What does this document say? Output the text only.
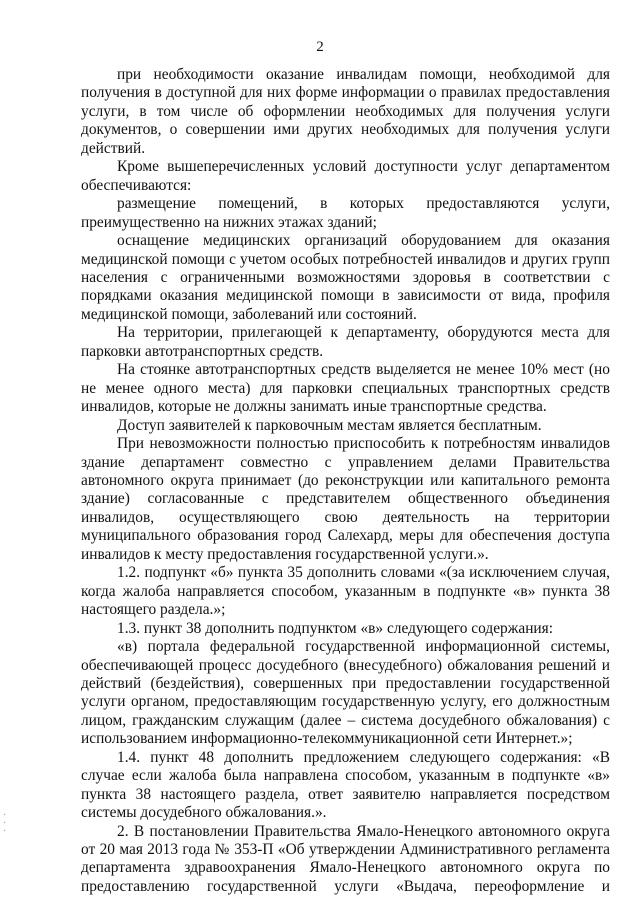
2

при необходимости оказание инвалидам помощи, необходимой для получения в доступной для них форме информации о правилах предоставления услуги, в том числе об оформлении необходимых для получения услуги документов, о совершении ими других необходимых для получения услуги действий.

Кроме вышеперечисленных условий доступности услуг департаментом обеспечиваются:

размещение помещений, в которых предоставляются услуги, преимущественно на нижних этажах зданий;

оснащение медицинских организаций оборудованием для оказания медицинской помощи с учетом особых потребностей инвалидов и других групп населения с ограниченными возможностями здоровья в соответствии с порядками оказания медицинской помощи в зависимости от вида, профиля медицинской помощи, заболеваний или состояний.

На территории, прилегающей к департаменту, оборудуются места для парковки автотранспортных средств.

На стоянке автотранспортных средств выделяется не менее 10% мест (но не менее одного места) для парковки специальных транспортных средств инвалидов, которые не должны занимать иные транспортные средства.

Доступ заявителей к парковочным местам является бесплатным.

При невозможности полностью приспособить к потребностям инвалидов здание департамент совместно с управлением делами Правительства автономного округа принимает (до реконструкции или капитального ремонта здание) согласованные с представителем общественного объединения инвалидов, осуществляющего свою деятельность на территории муниципального образования город Салехард, меры для обеспечения доступа инвалидов к месту предоставления государственной услуги.».

1.2. подпункт «б» пункта 35 дополнить словами «(за исключением случая, когда жалоба направляется способом, указанным в подпункте «в» пункта 38 настоящего раздела.»;

1.3. пункт 38 дополнить подпунктом «в» следующего содержания:

«в) портала федеральной государственной информационной системы, обеспечивающей процесс досудебного (внесудебного) обжалования решений и действий (бездействия), совершенных при предоставлении государственной услуги органом, предоставляющим государственную услугу, его должностным лицом, гражданским служащим (далее – система досудебного обжалования) с использованием информационно-телекоммуникационной сети Интернет.»;

1.4. пункт 48 дополнить предложением следующего содержания: «В случае если жалоба была направлена способом, указанным в подпункте «в» пункта 38 настоящего раздела, ответ заявителю направляется посредством системы досудебного обжалования.».

2. В постановлении Правительства Ямало-Ненецкого автономного округа от 20 мая 2013 года № 353-П «Об утверждении Административного регламента департамента здравоохранения Ямало-Ненецкого автономного округа по предоставлению государственной услуги «Выдача, переоформление и

·
·
·
